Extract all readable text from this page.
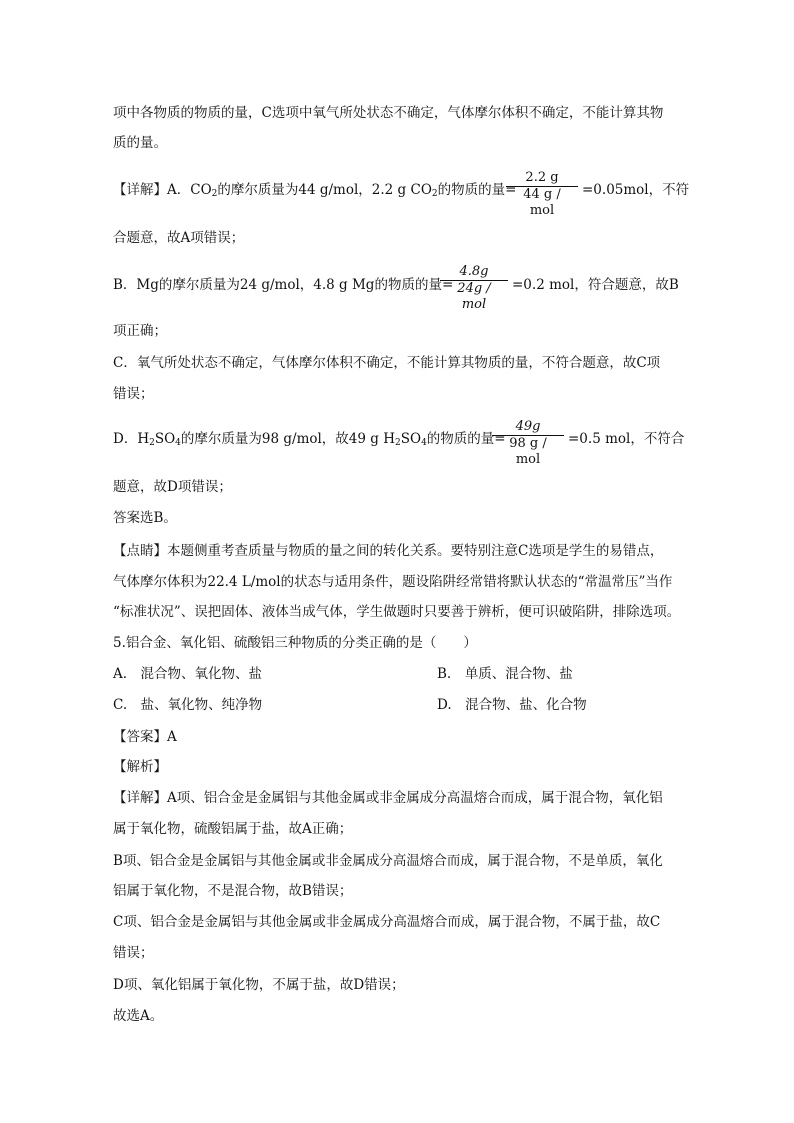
项中各物质的物质的量，C选项中氧气所处状态不确定，气体摩尔体积不确定，不能计算其物
质的量。
【详解】A．$CO_2$的摩尔质量为44 g/mol，2.2 g $CO_2$的物质的量=
2.2 g
44 g / mol
=0.05mol，不符
合题意，故A项错误；
B．Mg的摩尔质量为24 g/mol，4.8 g Mg的物质的量=
4.8g
24g / mol
=0.2 mol，符合题意，故B
项正确；
C．氧气所处状态不确定，气体摩尔体积不确定，不能计算其物质的量，不符合题意，故C项
错误；
D．$H_2SO_4$的摩尔质量为98 g/mol，故49 g $H_2SO_4$的物质的量=
49g
98 g / mol
=0.5 mol，不符合
题意，故D项错误；
答案选B。
【点睛】本题侧重考查质量与物质的量之间的转化关系。要特别注意C选项是学生的易错点，
气体摩尔体积为22.4 L/mol的状态与适用条件，题设陷阱经常错将默认状态的“常温常压”当作
“标准状况”、误把固体、液体当成气体，学生做题时只要善于辨析，便可识破陷阱，排除选项。
5.铝合金、氧化铝、硫酸铝三种物质的分类正确的是（　　）
A.　混合物、氧化物、盐	B.　单质、混合物、盐
C.　盐、氧化物、纯净物	D.　混合物、盐、化合物
【答案】A
【解析】
【详解】A项、铝合金是金属铝与其他金属或非金属成分高温熔合而成，属于混合物，氧化铝
属于氧化物，硫酸铝属于盐，故A正确；
B项、铝合金是金属铝与其他金属或非金属成分高温熔合而成，属于混合物，不是单质，氧化
铝属于氧化物，不是混合物，故B错误；
C项、铝合金是金属铝与其他金属或非金属成分高温熔合而成，属于混合物，不属于盐，故C
错误；
D项、氧化铝属于氧化物，不属于盐，故D错误；
故选A。
